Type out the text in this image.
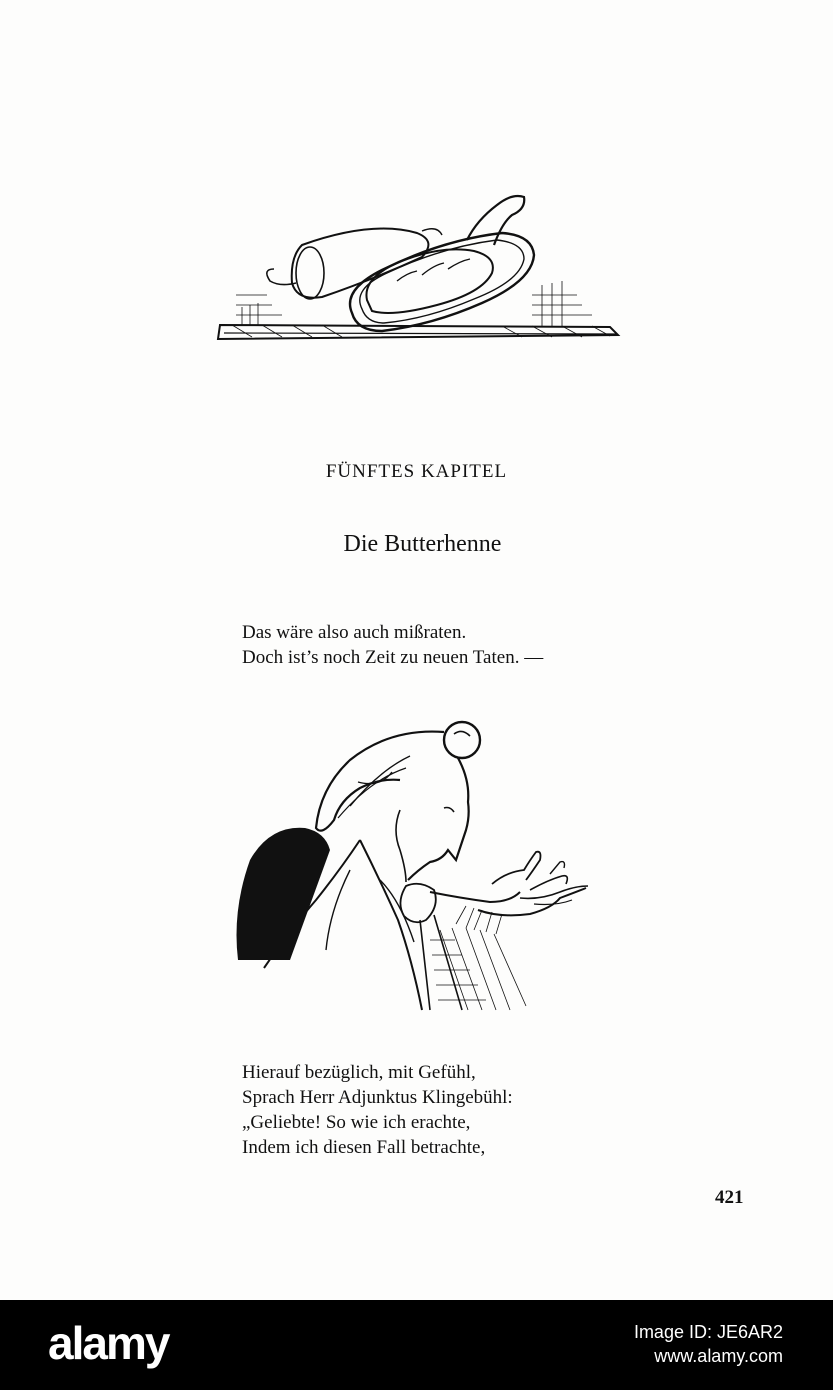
FÜNFTES KAPITEL
Die Butterhenne
Das wäre also auch mißraten.
Doch ist’s noch Zeit zu neuen Taten. —
Hierauf bezüglich, mit Gefühl,
Sprach Herr Adjunktus Klingebühl:
„Geliebte! So wie ich erachte,
Indem ich diesen Fall betrachte,
421
alamy	Image ID: JE6AR2
www.alamy.com
